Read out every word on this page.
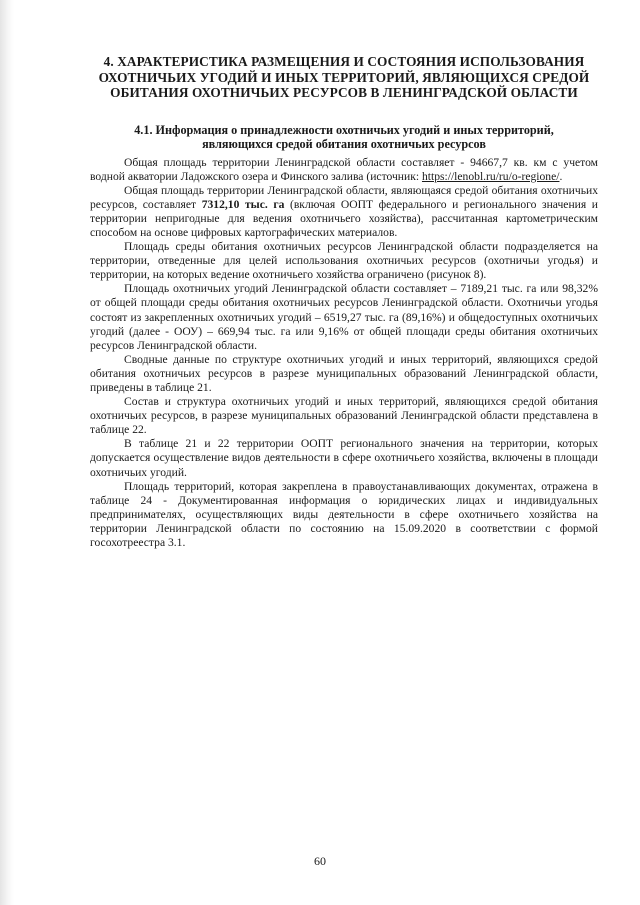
4. ХАРАКТЕРИСТИКА РАЗМЕЩЕНИЯ И СОСТОЯНИЯ ИСПОЛЬЗОВАНИЯ ОХОТНИЧЬИХ УГОДИЙ И ИНЫХ ТЕРРИТОРИЙ, ЯВЛЯЮЩИХСЯ СРЕДОЙ ОБИТАНИЯ ОХОТНИЧЬИХ РЕСУРСОВ В ЛЕНИНГРАДСКОЙ ОБЛАСТИ
4.1. Информация о принадлежности охотничьих угодий и иных территорий, являющихся средой обитания охотничьих ресурсов

Общая площадь территории Ленинградской области составляет - 94667,7 кв. км с учетом водной акватории Ладожского озера и Финского залива (источник: https://lenobl.ru/ru/o-regione/.

Общая площадь территории Ленинградской области, являющаяся средой обитания охотничьих ресурсов, составляет 7312,10 тыс. га (включая ООПТ федерального и регионального значения и территории непригодные для ведения охотничьего хозяйства), рассчитанная картометрическим способом на основе цифровых картографических материалов.

Площадь среды обитания охотничьих ресурсов Ленинградской области подразделяется на территории, отведенные для целей использования охотничьих ресурсов (охотничьи угодья) и территории, на которых ведение охотничьего хозяйства ограничено (рисунок 8).

Площадь охотничьих угодий Ленинградской области составляет – 7189,21 тыс. га или 98,32% от общей площади среды обитания охотничьих ресурсов Ленинградской области. Охотничьи угодья состоят из закрепленных охотничьих угодий – 6519,27 тыс. га (89,16%) и общедоступных охотничьих угодий (далее - ООУ) – 669,94 тыс. га или 9,16% от общей площади среды обитания охотничьих ресурсов Ленинградской области.

Сводные данные по структуре охотничьих угодий и иных территорий, являющихся средой обитания охотничьих ресурсов в разрезе муниципальных образований Ленинградской области, приведены в таблице 21.

Состав и структура охотничьих угодий и иных территорий, являющихся средой обитания охотничьих ресурсов, в разрезе муниципальных образований Ленинградской области представлена в таблице 22.

В таблице 21 и 22 территории ООПТ регионального значения на территории, которых допускается осуществление видов деятельности в сфере охотничьего хозяйства, включены в площади охотничьих угодий.

Площадь территорий, которая закреплена в правоустанавливающих документах, отражена в таблице 24 - Документированная информация о юридических лицах и индивидуальных предпринимателях, осуществляющих виды деятельности в сфере охотничьего хозяйства на территории Ленинградской области по состоянию на 15.09.2020 в соответствии с формой госохотреестра 3.1.

60
